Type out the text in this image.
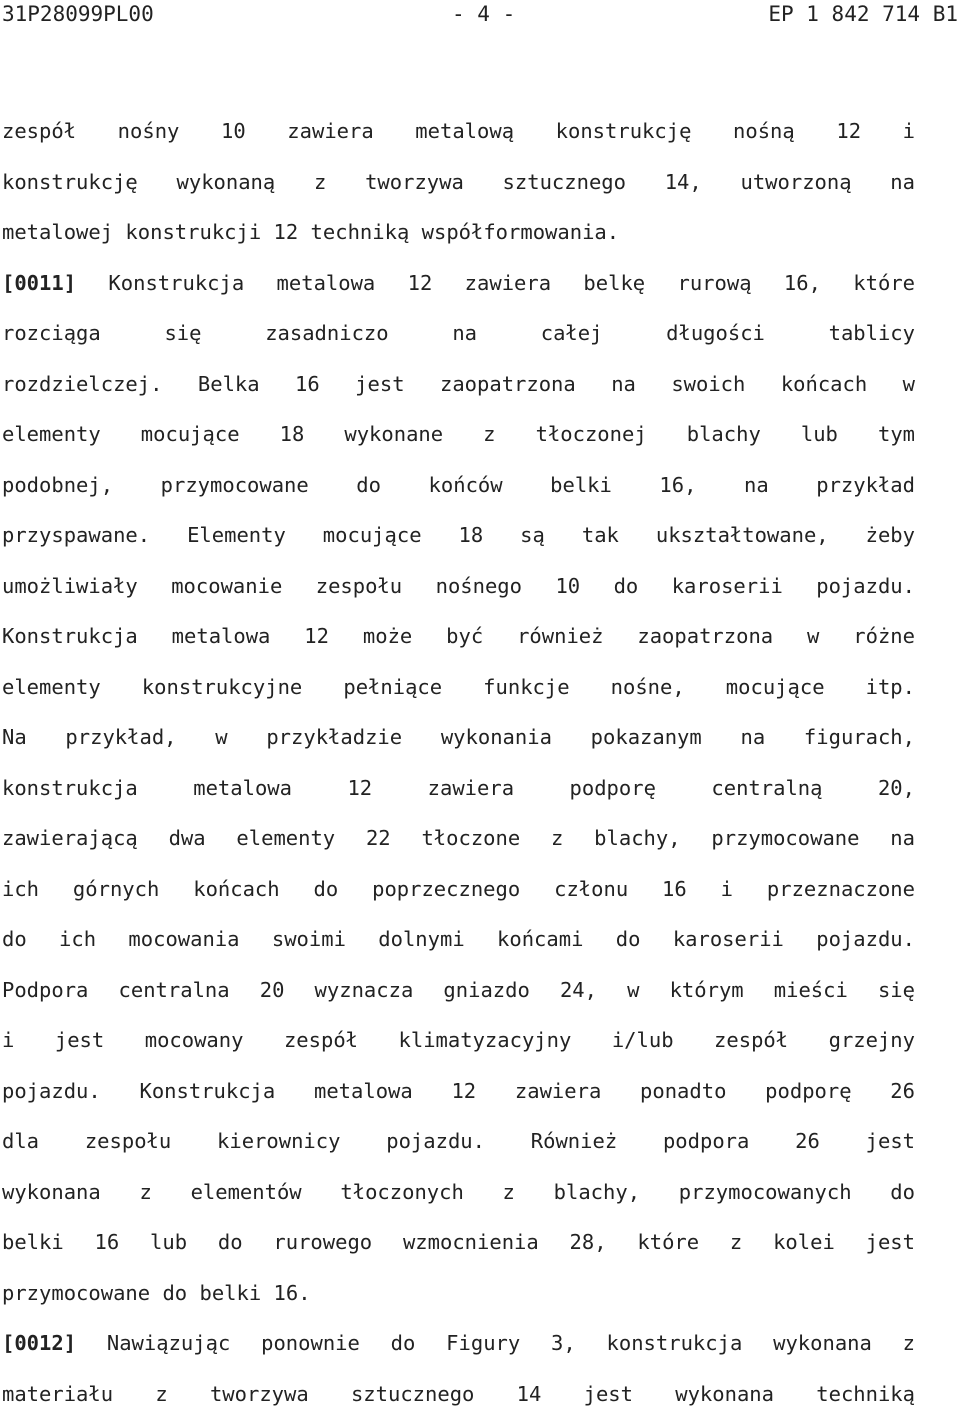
31P28099PL00	- 4 -	EP 1 842 714 B1
zespół nośny 10 zawiera metalową konstrukcję nośną 12 i
konstrukcję wykonaną z tworzywa sztucznego 14, utworzoną na
metalowej konstrukcji 12 techniką współformowania.
[0011] Konstrukcja metalowa 12 zawiera belkę rurową 16, które
rozciąga się zasadniczo na całej długości tablicy
rozdzielczej. Belka 16 jest zaopatrzona na swoich końcach w
elementy mocujące 18 wykonane z tłoczonej blachy lub tym
podobnej, przymocowane do końców belki 16, na przykład
przyspawane. Elementy mocujące 18 są tak ukształtowane, żeby
umożliwiały mocowanie zespołu nośnego 10 do karoserii pojazdu.
Konstrukcja metalowa 12 może być również zaopatrzona w różne
elementy konstrukcyjne pełniące funkcje nośne, mocujące itp.
Na przykład, w przykładzie wykonania pokazanym na figurach,
konstrukcja metalowa 12 zawiera podporę centralną 20,
zawierającą dwa elementy 22 tłoczone z blachy, przymocowane na
ich górnych końcach do poprzecznego członu 16 i przeznaczone
do ich mocowania swoimi dolnymi końcami do karoserii pojazdu.
Podpora centralna 20 wyznacza gniazdo 24, w którym mieści się
i jest mocowany zespół klimatyzacyjny i/lub zespół grzejny
pojazdu. Konstrukcja metalowa 12 zawiera ponadto podporę 26
dla zespołu kierownicy pojazdu. Również podpora 26 jest
wykonana z elementów tłoczonych z blachy, przymocowanych do
belki 16 lub do rurowego wzmocnienia 28, które z kolei jest
przymocowane do belki 16.
[0012] Nawiązując ponownie do Figury 3, konstrukcja wykonana z
materiału z tworzywa sztucznego 14 jest wykonana techniką
